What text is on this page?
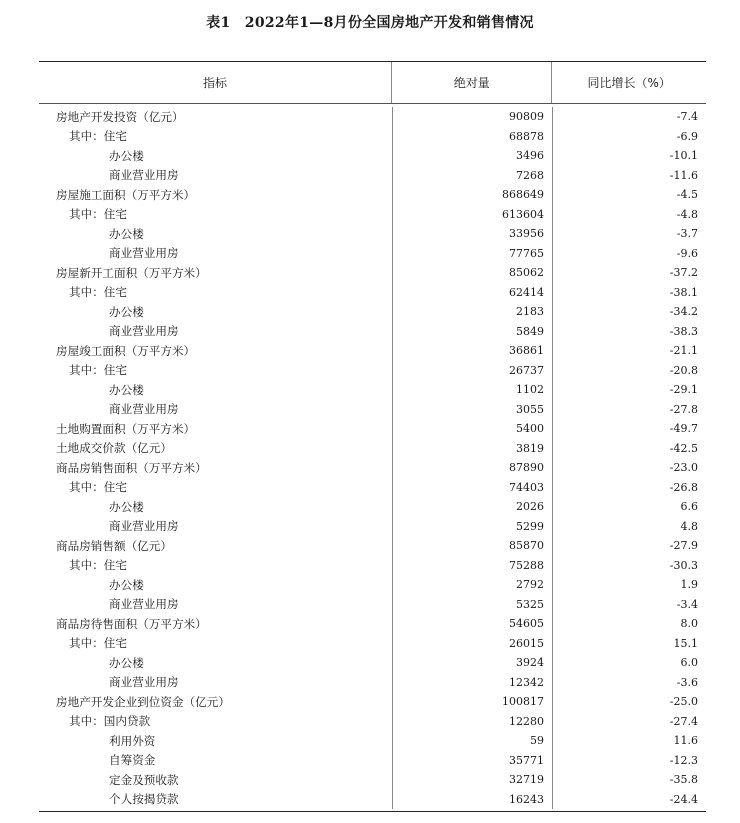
表1　2022年1—8月份全国房地产开发和销售情况
指标	绝对量	同比增长（%）
房地产开发投资（亿元）	90809	-7.4
其中：住宅	68878	-6.9
办公楼	3496	-10.1
商业营业用房	7268	-11.6
房屋施工面积（万平方米）	868649	-4.5
其中：住宅	613604	-4.8
办公楼	33956	-3.7
商业营业用房	77765	-9.6
房屋新开工面积（万平方米）	85062	-37.2
其中：住宅	62414	-38.1
办公楼	2183	-34.2
商业营业用房	5849	-38.3
房屋竣工面积（万平方米）	36861	-21.1
其中：住宅	26737	-20.8
办公楼	1102	-29.1
商业营业用房	3055	-27.8
土地购置面积（万平方米）	5400	-49.7
土地成交价款（亿元）	3819	-42.5
商品房销售面积（万平方米）	87890	-23.0
其中：住宅	74403	-26.8
办公楼	2026	6.6
商业营业用房	5299	4.8
商品房销售额（亿元）	85870	-27.9
其中：住宅	75288	-30.3
办公楼	2792	1.9
商业营业用房	5325	-3.4
商品房待售面积（万平方米）	54605	8.0
其中：住宅	26015	15.1
办公楼	3924	6.0
商业营业用房	12342	-3.6
房地产开发企业到位资金（亿元）	100817	-25.0
其中：国内贷款	12280	-27.4
利用外资	59	11.6
自筹资金	35771	-12.3
定金及预收款	32719	-35.8
个人按揭贷款	16243	-24.4
